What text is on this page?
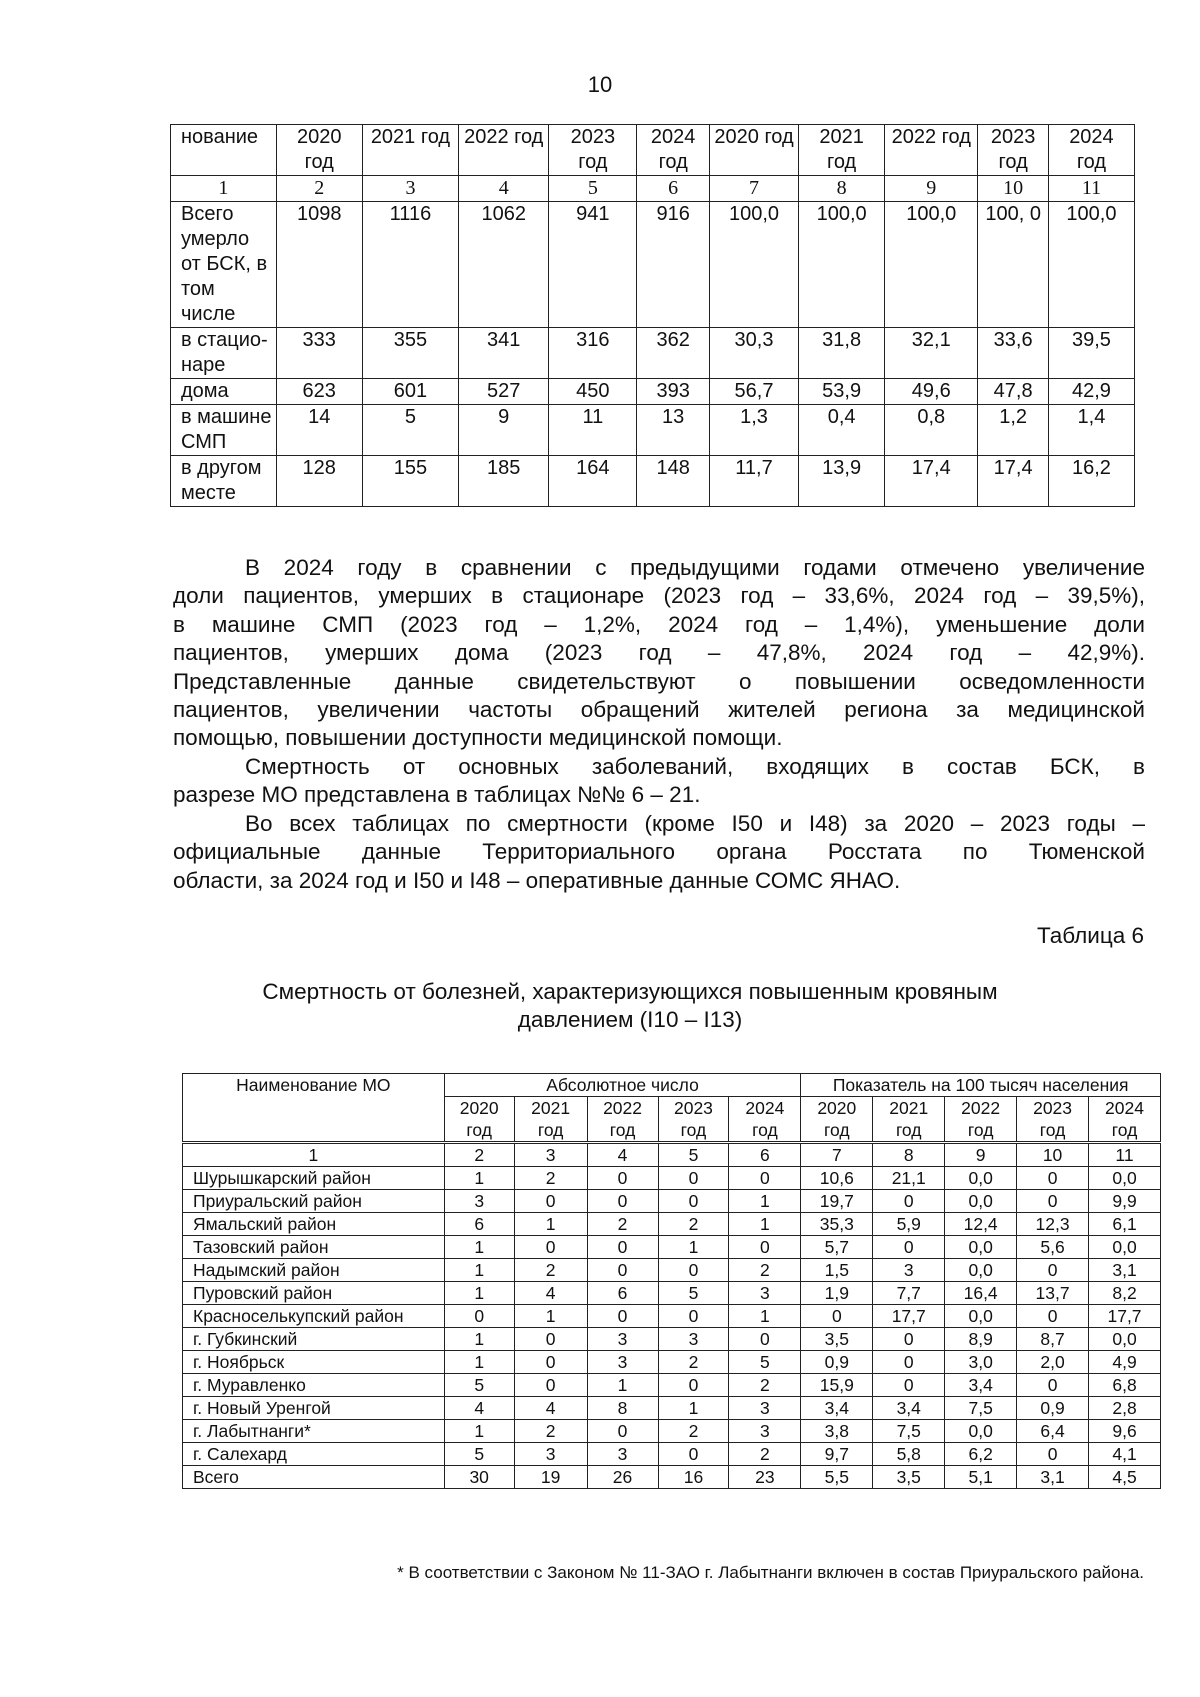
10
нование	2020 год	2021 год	2022 год	2023 год	2024 год	2020 год	2021 год	2022 год	2023 год	2024 год
1	2	3	4	5	6	7	8	9	10	11
Всего умерло от БСК, в том числе	1098	1116	1062	941	916	100,0	100,0	100,0	100, 0	100,0
в стацио-наре	333	355	341	316	362	30,3	31,8	32,1	33,6	39,5
дома	623	601	527	450	393	56,7	53,9	49,6	47,8	42,9
в машине СМП	14	5	9	11	13	1,3	0,4	0,8	1,2	1,4
в другом месте	128	155	185	164	148	11,7	13,9	17,4	17,4	16,2
В 2024 году в сравнении с предыдущими годами отмечено увеличение
доли пациентов, умерших в стационаре (2023 год – 33,6%, 2024 год – 39,5%),
в машине СМП (2023 год – 1,2%, 2024 год – 1,4%), уменьшение доли
пациентов, умерших дома (2023 год – 47,8%, 2024 год – 42,9%).
Представленные данные свидетельствуют о повышении осведомленности
пациентов, увеличении частоты обращений жителей региона за медицинской
помощью, повышении доступности медицинской помощи.
Смертность от основных заболеваний, входящих в состав БСК, в
разрезе МО представлена в таблицах №№ 6 – 21.
Во всех таблицах по смертности (кроме I50 и I48) за 2020 – 2023 годы –
официальные данные Территориального органа Росстата по Тюменской
области, за 2024 год и I50 и I48 – оперативные данные СОМС ЯНАО.
Таблица 6
Смертность от болезней, характеризующихся повышенным кровяным
давлением (I10 – I13)
Наименование МО	Абсолютное число					Показатель на 100 тысяч населения				
	2020 год	2021 год	2022 год	2023 год	2024 год	2020 год	2021 год	2022 год	2023 год	2024 год
1	2	3	4	5	6	7	8	9	10	11
Шурышкарский район	1	2	0	0	0	10,6	21,1	0,0	0	0,0
Приуральский район	3	0	0	0	1	19,7	0	0,0	0	9,9
Ямальский район	6	1	2	2	1	35,3	5,9	12,4	12,3	6,1
Тазовский район	1	0	0	1	0	5,7	0	0,0	5,6	0,0
Надымский район	1	2	0	0	2	1,5	3	0,0	0	3,1
Пуровский район	1	4	6	5	3	1,9	7,7	16,4	13,7	8,2
Красноселькупский район	0	1	0	0	1	0	17,7	0,0	0	17,7
г. Губкинский	1	0	3	3	0	3,5	0	8,9	8,7	0,0
г. Ноябрьск	1	0	3	2	5	0,9	0	3,0	2,0	4,9
г. Муравленко	5	0	1	0	2	15,9	0	3,4	0	6,8
г. Новый Уренгой	4	4	8	1	3	3,4	3,4	7,5	0,9	2,8
г. Лабытнанги*	1	2	0	2	3	3,8	7,5	0,0	6,4	9,6
г. Салехард	5	3	3	0	2	9,7	5,8	6,2	0	4,1
Всего	30	19	26	16	23	5,5	3,5	5,1	3,1	4,5
* В соответствии с Законом № 11-ЗАО г. Лабытнанги включен в состав Приуральского района.
